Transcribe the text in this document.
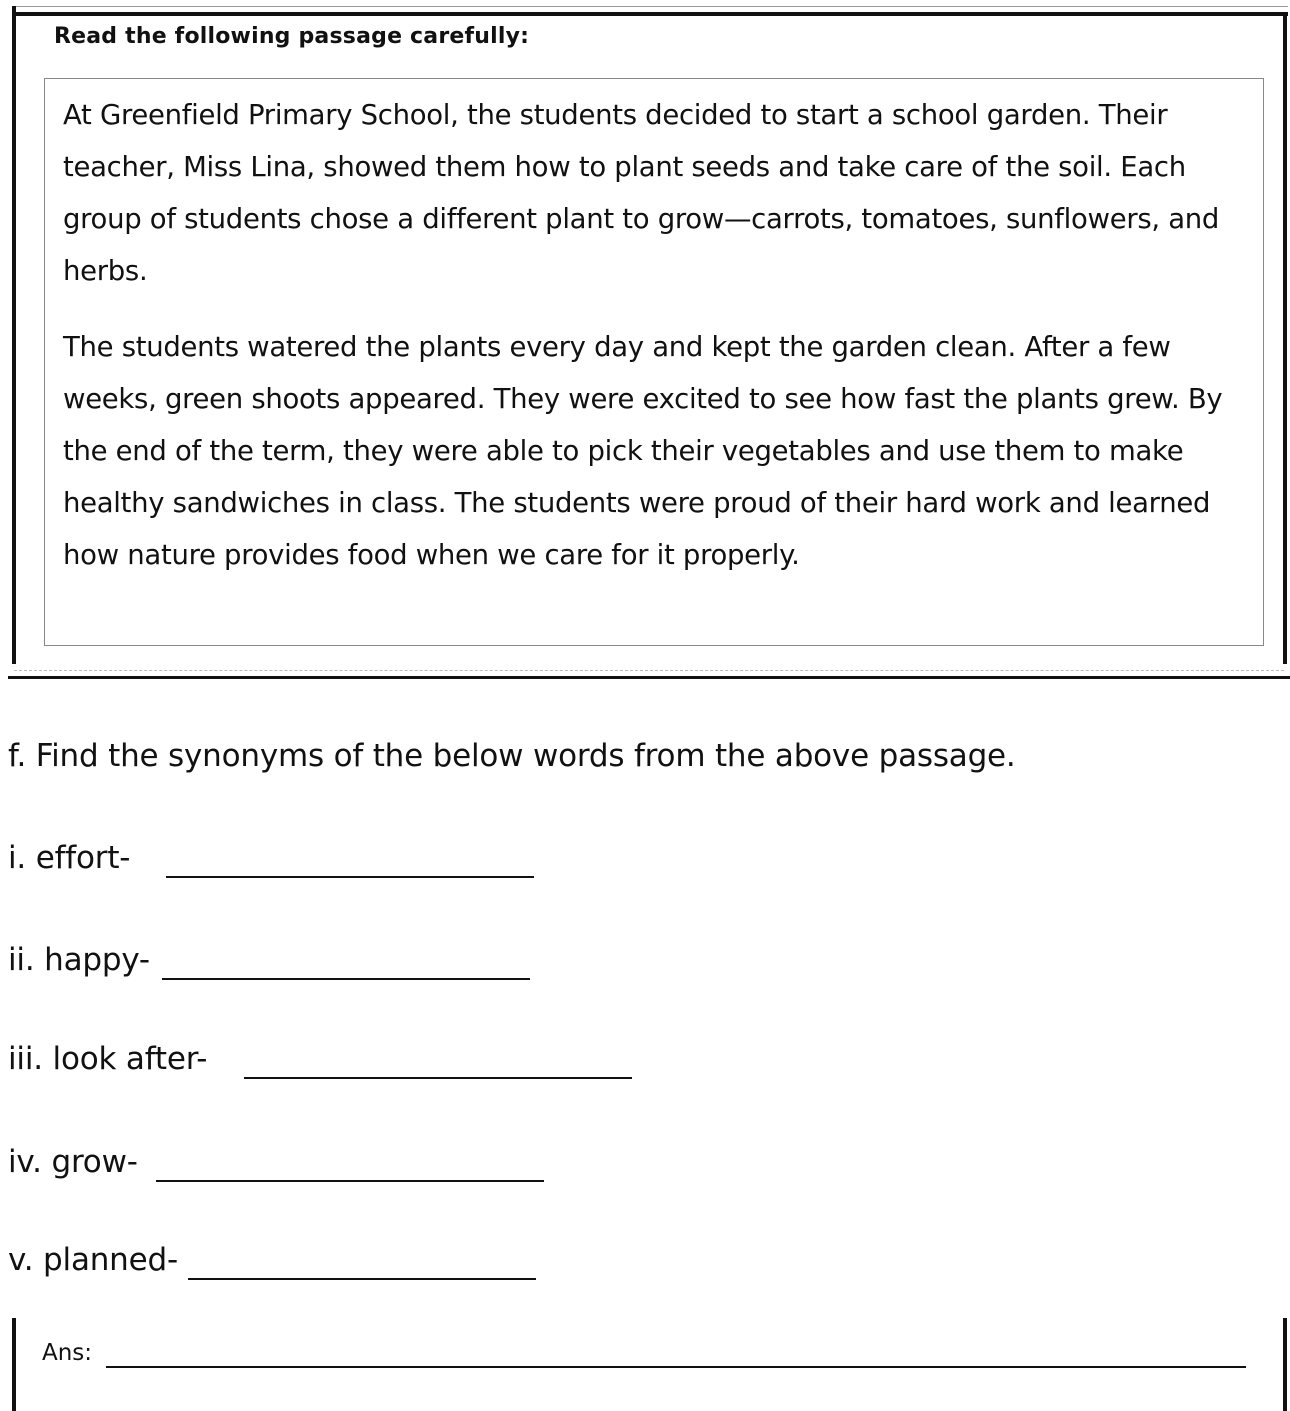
Read the following passage carefully:

At Greenfield Primary School, the students decided to start a school garden. Their teacher, Miss Lina, showed them how to plant seeds and take care of the soil. Each group of students chose a different plant to grow—carrots, tomatoes, sunflowers, and herbs.

The students watered the plants every day and kept the garden clean. After a few weeks, green shoots appeared. They were excited to see how fast the plants grew. By the end of the term, they were able to pick their vegetables and use them to make healthy sandwiches in class. The students were proud of their hard work and learned how nature provides food when we care for it properly.

f. Find the synonyms of the below words from the above passage.
i. effort-
ii. happy-
iii. look after-
iv. grow-
v. planned-
Ans:
